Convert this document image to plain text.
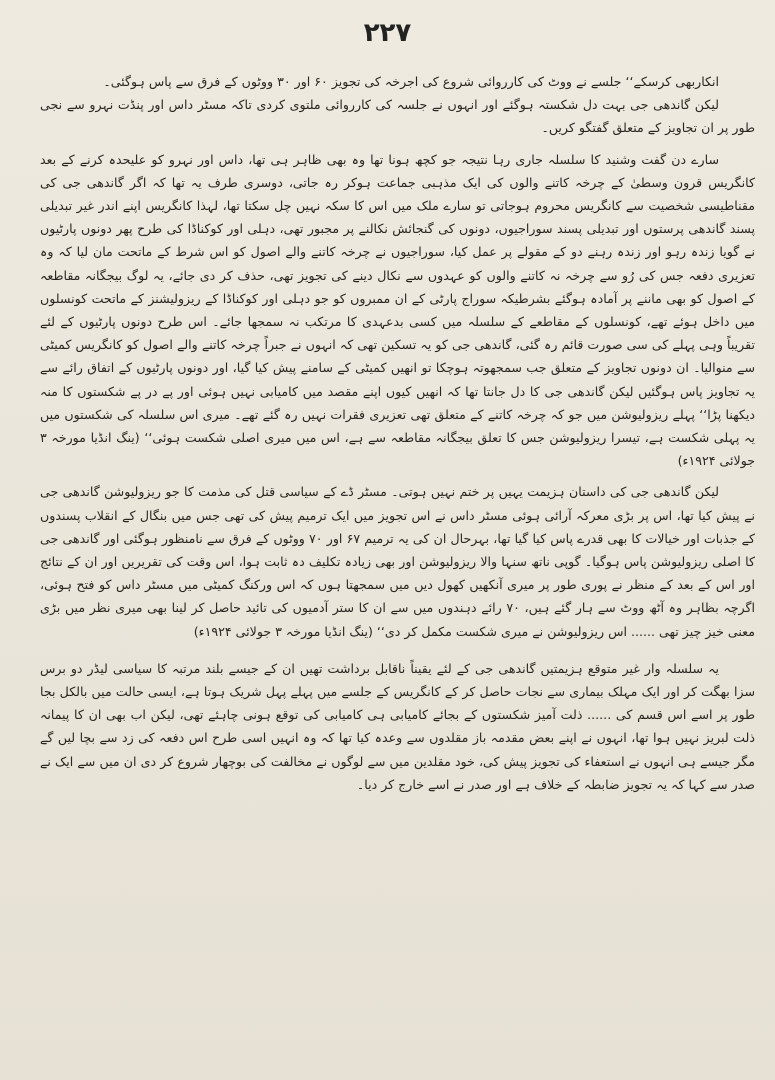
۲۲۷

انکاربھی کرسکے‘‘ جلسے نے ووٹ کی کارروائی شروع کی اجرخہ کی تجویز ۶۰ اور ۳۰ ووٹوں کے فرق سے پاس ہوگئی۔

لیکن گاندھی جی بہت دل شکستہ ہوگئے اور انہوں نے جلسہ کی کارروائی ملتوی کردی تاکہ مسٹر داس اور پنڈت نہرو سے نجی طور پر ان تجاویز کے متعلق گفتگو کریں۔

سارے دن گفت وشنید کا سلسلہ جاری رہا نتیجہ جو کچھ ہونا تھا وہ بھی ظاہر ہی تھا، داس اور نہرو کو علیحدہ کرنے کے بعد کانگریس قرون وسطیٰ کے چرخہ کاتنے والوں کی ایک مذہبی جماعت ہوکر رہ جاتی، دوسری طرف یہ تھا کہ اگر گاندھی جی کی مقناطیسی شخصیت سے کانگریس محروم ہوجاتی تو سارے ملک میں اس کا سکہ نہیں چل سکتا تھا، لہذا کانگریس اپنے اندر غیر تبدیلی پسند گاندھی پرستوں اور تبدیلی پسند سوراجیوں، دونوں کی گنجائش نکالنے پر مجبور تھی، دہلی اور کوکناڈا کی طرح پھر دونوں پارٹیوں نے گویا زندہ رہو اور زندہ رہنے دو کے مقولے پر عمل کیا، سوراجیوں نے چرخہ کاتنے والے اصول کو اس شرط کے ماتحت مان لیا کہ وہ تعزیری دفعہ جس کی رُو سے چرخہ نہ کاتنے والوں کو عہدوں سے نکال دینے کی تجویز تھی، حذف کر دی جائے، یہ لوگ بیجگانہ مقاطعہ کے اصول کو بھی ماننے پر آمادہ ہوگئے بشرطیکہ سوراج پارٹی کے ان ممبروں کو جو دہلی اور کوکناڈا کے ریزولیشنز کے ماتحت کونسلوں میں داخل ہوئے تھے، کونسلوں کے مقاطعے کے سلسلہ میں کسی بدعہدی کا مرتکب نہ سمجھا جائے۔ اس طرح دونوں پارٹیوں کے لئے تقریباً وہی پہلے کی سی صورت قائم رہ گئی، گاندھی جی کو یہ تسکین تھی کہ انہوں نے جبراً چرخہ کاتنے والے اصول کو کانگریس کمیٹی سے منوالیا۔ ان دونوں تجاویز کے متعلق جب سمجھوتہ ہوچکا تو انھیں کمیٹی کے سامنے پیش کیا گیا، اور دونوں پارٹیوں کے اتفاق رائے سے یہ تجاویز پاس ہوگئیں لیکن گاندھی جی کا دل جانتا تھا کہ انھیں کیوں اپنے مقصد میں کامیابی نہیں ہوئی اور پے در پے شکستوں کا منہ دیکھنا پڑا‘‘ پہلے ریزولیوشن میں جو کہ چرخہ کاتنے کے متعلق تھی تعزیری فقرات نہیں رہ گئے تھے۔ میری اس سلسلہ کی شکستوں میں یہ پہلی شکست ہے، تیسرا ریزولیوشن جس کا تعلق بیجگانہ مقاطعہ سے ہے، اس میں میری اصلی شکست ہوئی‘‘ (ینگ انڈیا مورخہ ۳ جولائی ۱۹۲۴ء)

لیکن گاندھی جی کی داستان ہزیمت یہیں پر ختم نہیں ہوتی۔ مسٹر ڈے کے سیاسی قتل کی مذمت کا جو ریزولیوشن گاندھی جی نے پیش کیا تھا، اس پر بڑی معرکہ آرائی ہوئی مسٹر داس نے اس تجویز میں ایک ترمیم پیش کی تھی جس میں بنگال کے انقلاب پسندوں کے جذبات اور خیالات کا بھی قدرے پاس کیا گیا تھا، بہرحال ان کی یہ ترمیم ۶۷ اور ۷۰ ووٹوں کے فرق سے نامنظور ہوگئی اور گاندھی جی کا اصلی ریزولیوشن پاس ہوگیا۔ گوپی ناتھ سنہا والا ریزولیوشن اور بھی زیادہ تکلیف دہ ثابت ہوا، اس وقت کی تقریریں اور ان کے نتائج اور اس کے بعد کے منظر نے پوری طور پر میری آنکھیں کھول دیں میں سمجھتا ہوں کہ اس ورکنگ کمیٹی میں مسٹر داس کو فتح ہوئی، اگرچہ بظاہر وہ آٹھ ووٹ سے ہار گئے ہیں، ۷۰ رائے دہندوں میں سے ان کا ستر آدمیوں کی تائید حاصل کر لینا بھی میری نظر میں بڑی معنی خیز چیز تھی ...... اس ریزولیوشن نے میری شکست مکمل کر دی‘‘ (ینگ انڈیا مورخہ ۳ جولائی ۱۹۲۴ء)

یہ سلسلہ وار غیر متوقع ہزیمتیں گاندھی جی کے لئے یقیناً ناقابل برداشت تھیں ان کے جیسے بلند مرتبہ کا سیاسی لیڈر دو برس سزا بھگت کر اور ایک مہلک بیماری سے نجات حاصل کر کے کانگریس کے جلسے میں پہلے پہل شریک ہوتا ہے، ایسی حالت میں بالکل بجا طور پر اسے اس قسم کی ...... ذلت آمیز شکستوں کے بجائے کامیابی ہی کامیابی کی توقع ہونی چاہئے تھی، لیکن اب بھی ان کا پیمانہ ذلت لبریز نہیں ہوا تھا، انہوں نے اپنے بعض مقدمہ باز مقلدوں سے وعدہ کیا تھا کہ وہ انہیں اسی طرح اس دفعہ کی زد سے بچا لیں گے مگر جیسے ہی انہوں نے استعفاء کی تجویز پیش کی، خود مقلدین میں سے لوگوں نے مخالفت کی بوچھار شروع کر دی ان میں سے ایک نے صدر سے کہا کہ یہ تجویز ضابطہ کے خلاف ہے اور صدر نے اسے خارج کر دیا۔
